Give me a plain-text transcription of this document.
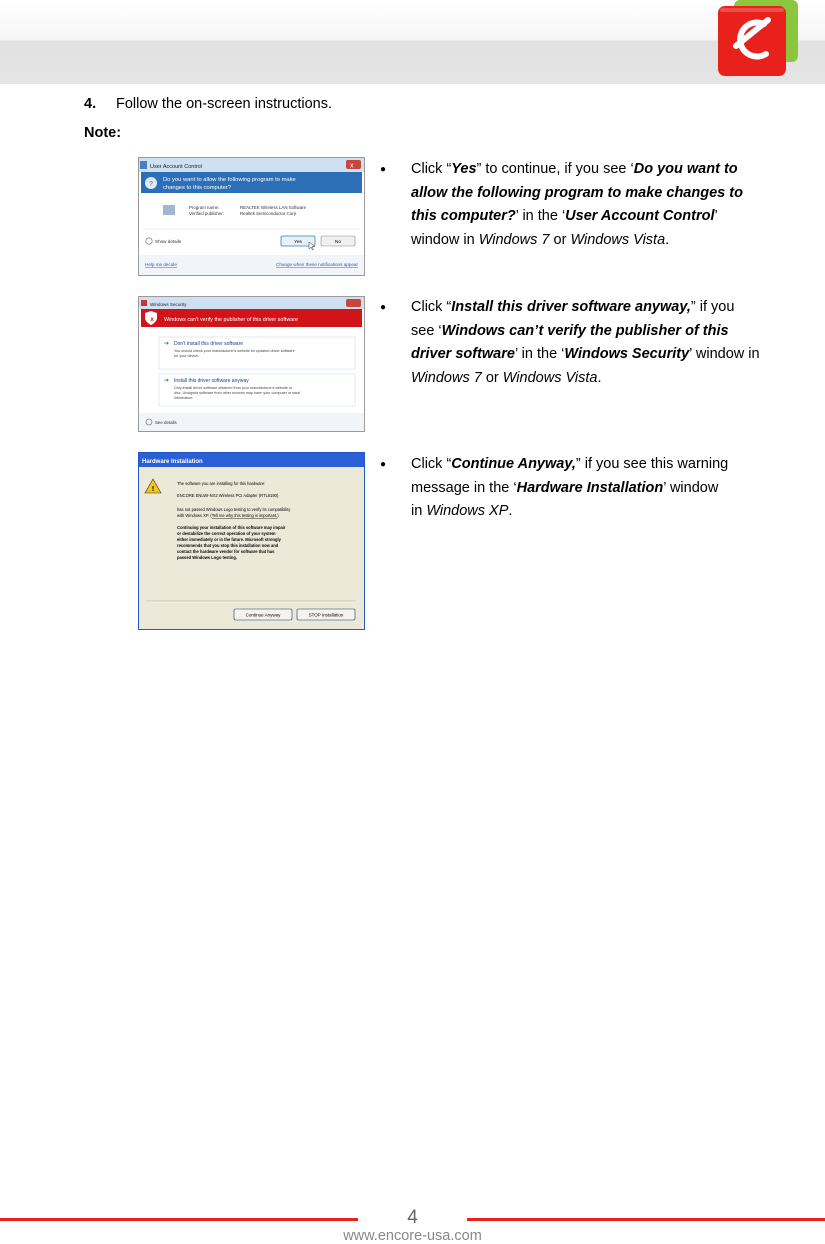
4. Follow the on-screen instructions.
Note:
User Account Control	x
?
Do you want to allow the following program to make
changes to this computer?
Program name:	REALTEK Wireless LAN Software
Verified publisher:	Realtek Semiconductor Corp
Show details	Yes	No
Help me decide	Change when these notifications appear
Windows Security
x Windows can't verify the publisher of this driver software
➔ Don't install this driver software
You should check your manufacturer's website for updated driver software
for your device.
➔ Install this driver software anyway
Only install driver software obtained from your manufacturer's website or
disc. Unsigned software from other sources may harm your computer or steal
information.
See details
Hardware Installation
!
The software you are installing for this hardware:
ENCORE ENLWI-NX2 Wireless PCI Adapter (RTL8190)
has not passed Windows Logo testing to verify its compatibility
with Windows XP. (Tell me why this testing is important.)
Continuing your installation of this software may impair
or destabilize the correct operation of your system
either immediately or in the future. Microsoft strongly
recommends that you stop this installation now and
contact the hardware vendor for software that has
passed Windows Logo testing.
Continue Anyway	STOP Installation
● Click “Yes” to continue, if you see ‘Do you want to allow the following program to make changes to this computer?’ in the ‘User Account Control’ window in Windows 7 or Windows Vista.
● Click “Install this driver software anyway,” if you see ‘Windows can’t verify the publisher of this driver software’ in the ‘Windows Security’ window in Windows 7 or Windows Vista.
● Click “Continue Anyway,” if you see this warning message in the ‘Hardware Installation’ window in Windows XP.
4
www.encore-usa.com
